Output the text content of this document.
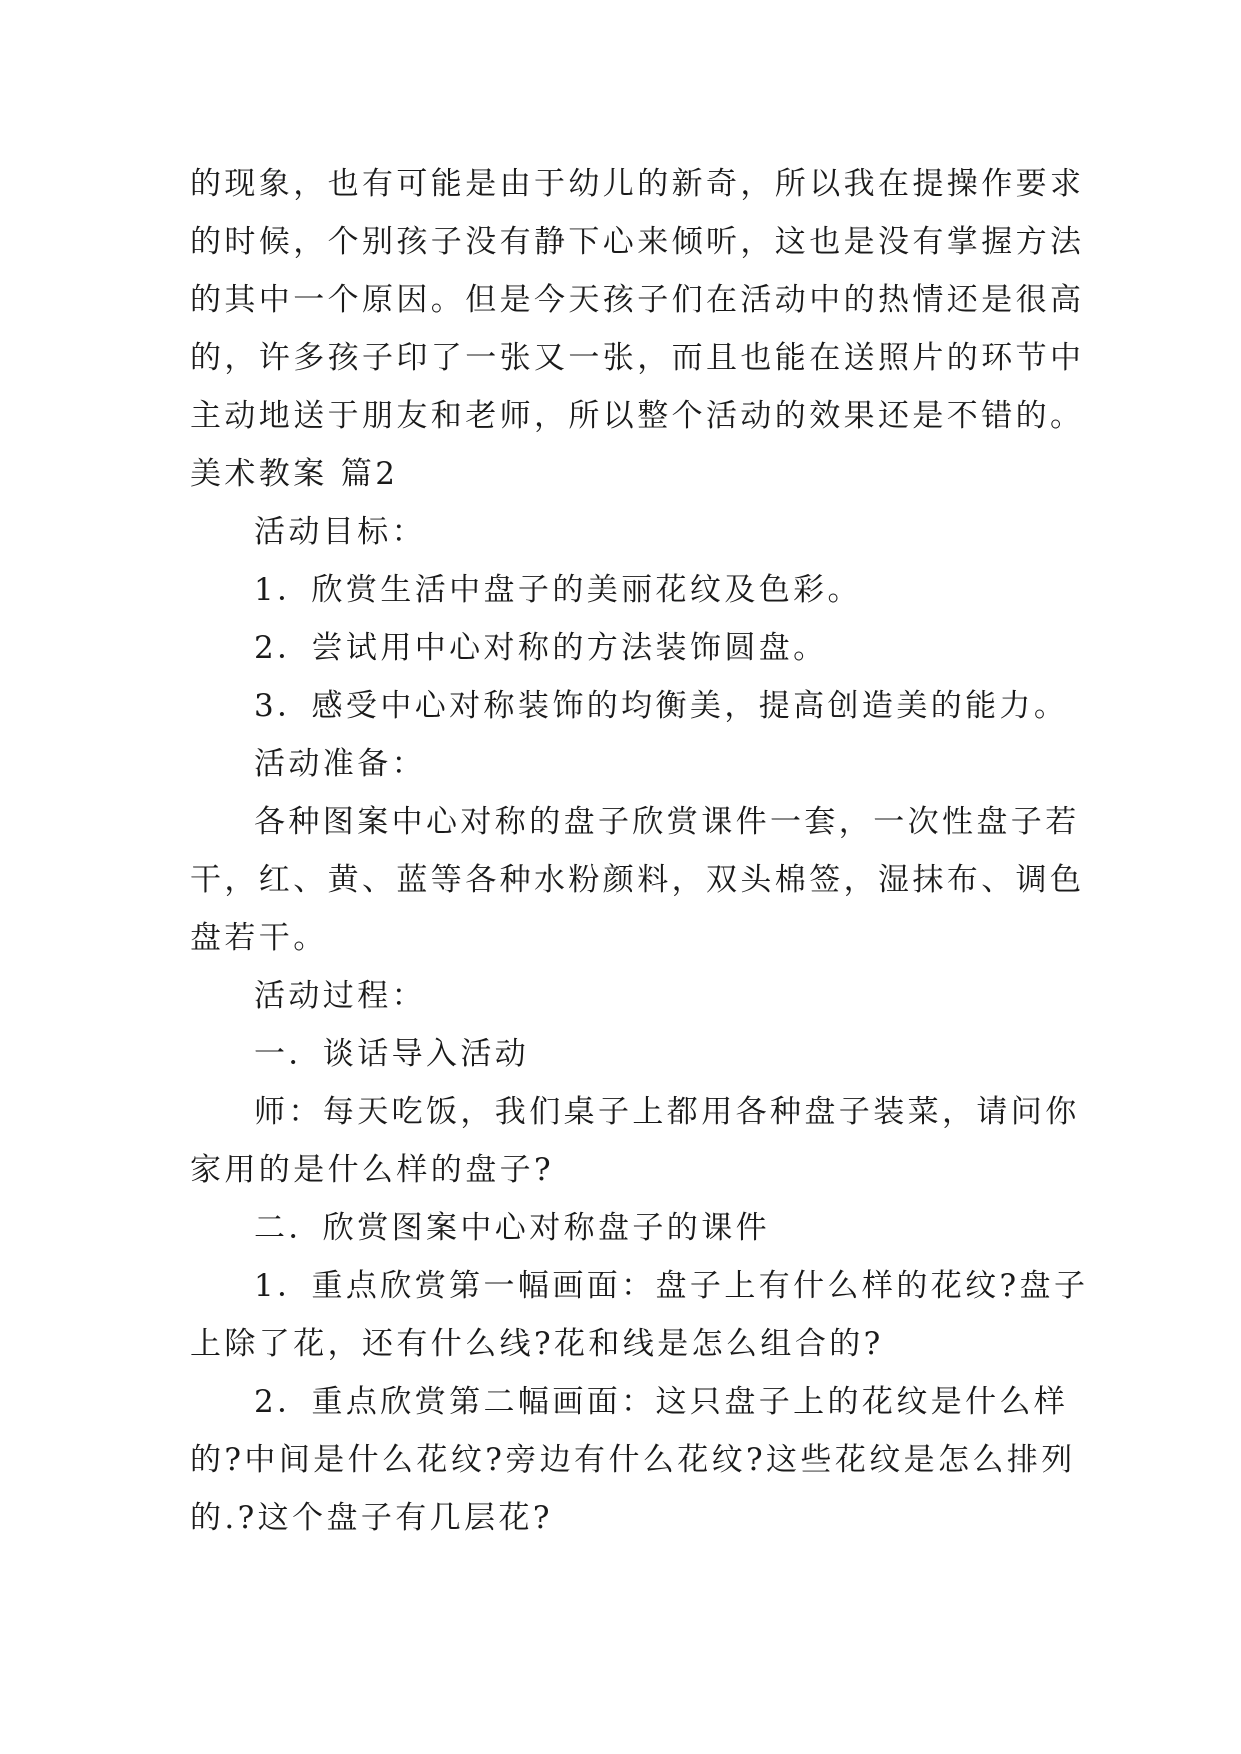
的现象，也有可能是由于幼儿的新奇，所以我在提操作要求
的时候，个别孩子没有静下心来倾听，这也是没有掌握方法
的其中一个原因。但是今天孩子们在活动中的热情还是很高
的，许多孩子印了一张又一张，而且也能在送照片的环节中
主动地送于朋友和老师，所以整个活动的效果还是不错的。
美术教案 篇2
活动目标：
1．欣赏生活中盘子的美丽花纹及色彩。
2．尝试用中心对称的方法装饰圆盘。
3．感受中心对称装饰的均衡美，提高创造美的能力。
活动准备：
各种图案中心对称的盘子欣赏课件一套，一次性盘子若
干，红、黄、蓝等各种水粉颜料，双头棉签，湿抹布、调色
盘若干。
活动过程：
一．谈话导入活动
师：每天吃饭，我们桌子上都用各种盘子装菜，请问你
家用的是什么样的盘子?
二．欣赏图案中心对称盘子的课件
1．重点欣赏第一幅画面：盘子上有什么样的花纹?盘子
上除了花，还有什么线?花和线是怎么组合的?
2．重点欣赏第二幅画面：这只盘子上的花纹是什么样
的?中间是什么花纹?旁边有什么花纹?这些花纹是怎么排列
的.?这个盘子有几层花?
